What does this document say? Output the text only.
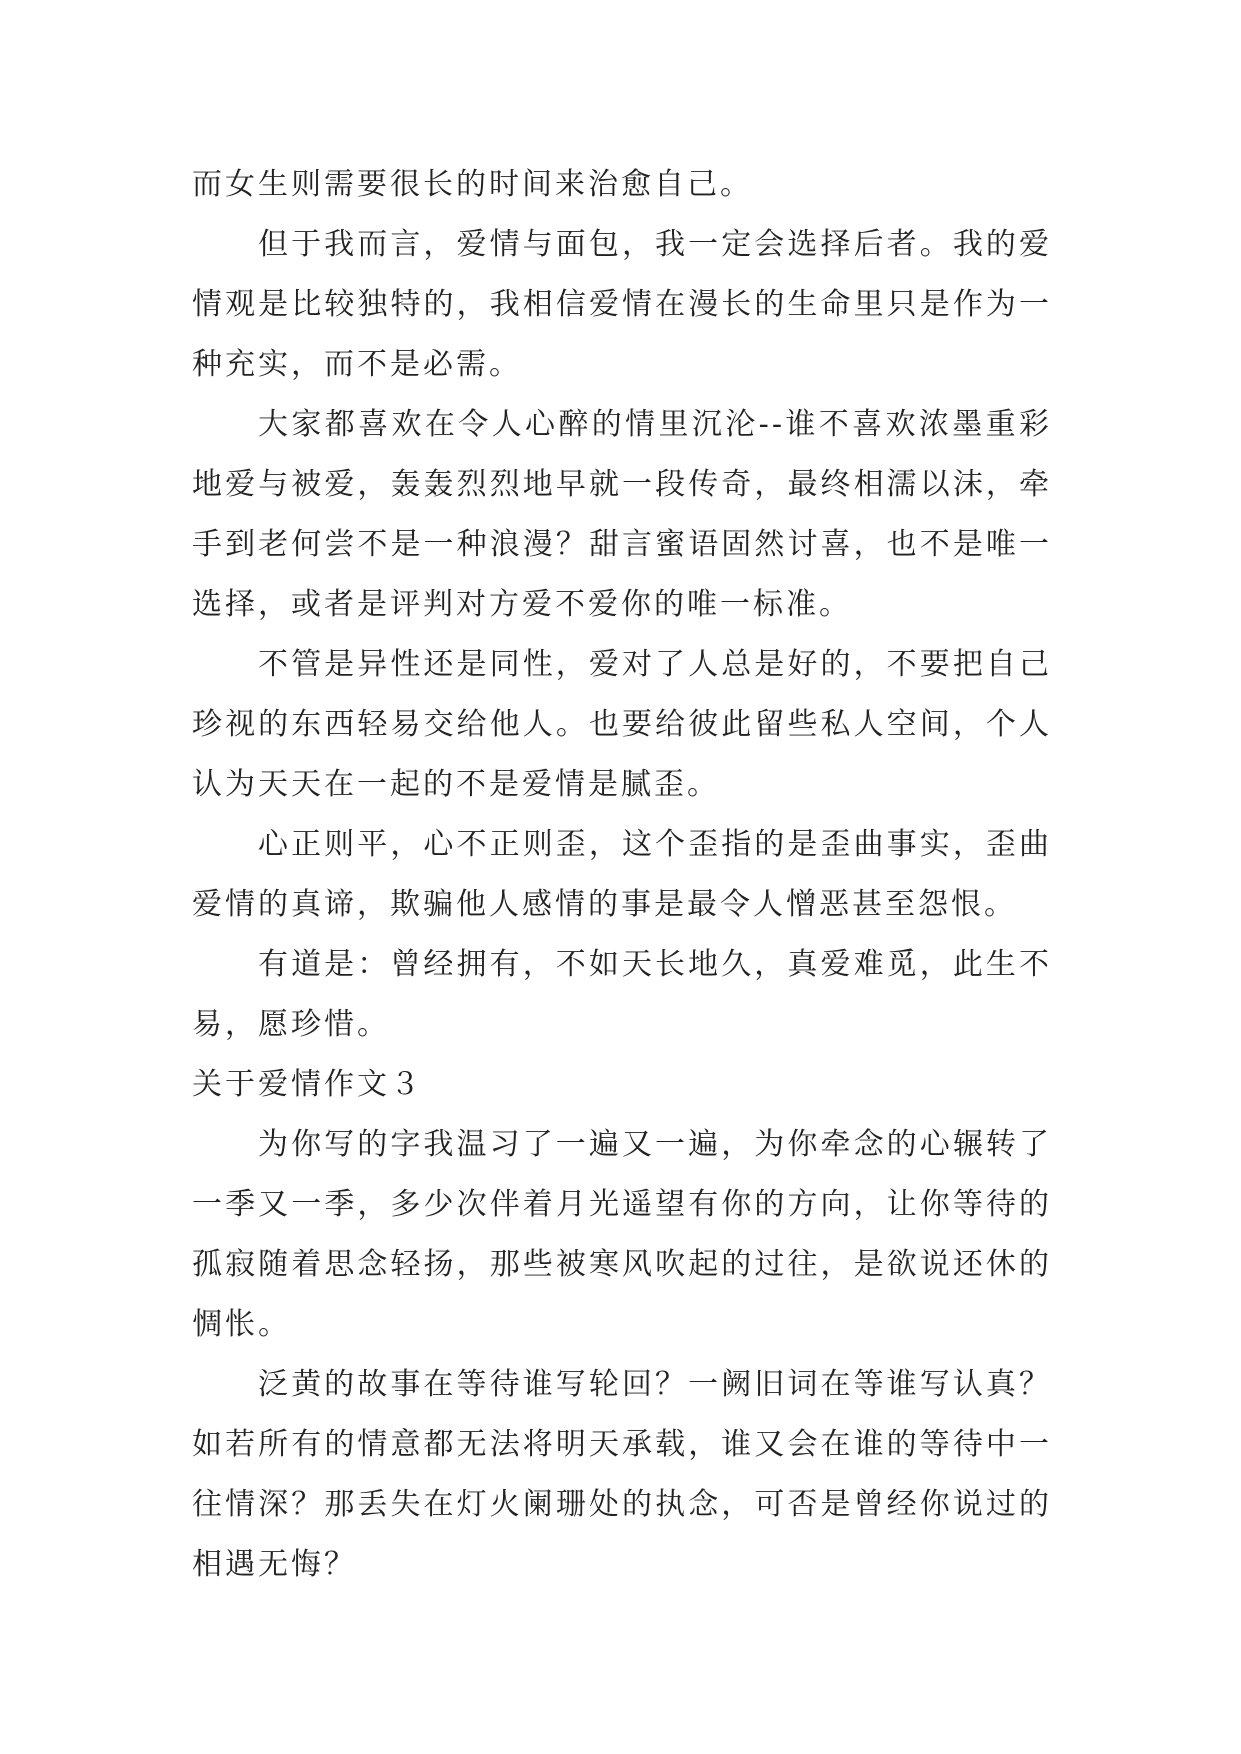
而女生则需要很长的时间来治愈自己。

但于我而言，爱情与面包，我一定会选择后者。我的爱情观是比较独特的，我相信爱情在漫长的生命里只是作为一种充实，而不是必需。

大家都喜欢在令人心醉的情里沉沦--谁不喜欢浓墨重彩地爱与被爱，轰轰烈烈地早就一段传奇，最终相濡以沫，牵手到老何尝不是一种浪漫？甜言蜜语固然讨喜，也不是唯一选择，或者是评判对方爱不爱你的唯一标准。

不管是异性还是同性，爱对了人总是好的，不要把自己珍视的东西轻易交给他人。也要给彼此留些私人空间，个人认为天天在一起的不是爱情是腻歪。

心正则平，心不正则歪，这个歪指的是歪曲事实，歪曲爱情的真谛，欺骗他人感情的事是最令人憎恶甚至怨恨。

有道是：曾经拥有，不如天长地久，真爱难觅，此生不易，愿珍惜。

关于爱情作文３

为你写的字我温习了一遍又一遍，为你牵念的心辗转了一季又一季，多少次伴着月光遥望有你的方向，让你等待的孤寂随着思念轻扬，那些被寒风吹起的过往，是欲说还休的惆怅。

泛黄的故事在等待谁写轮回？一阙旧词在等谁写认真？如若所有的情意都无法将明天承载，谁又会在谁的等待中一往情深？那丢失在灯火阑珊处的执念，可否是曾经你说过的相遇无悔？
